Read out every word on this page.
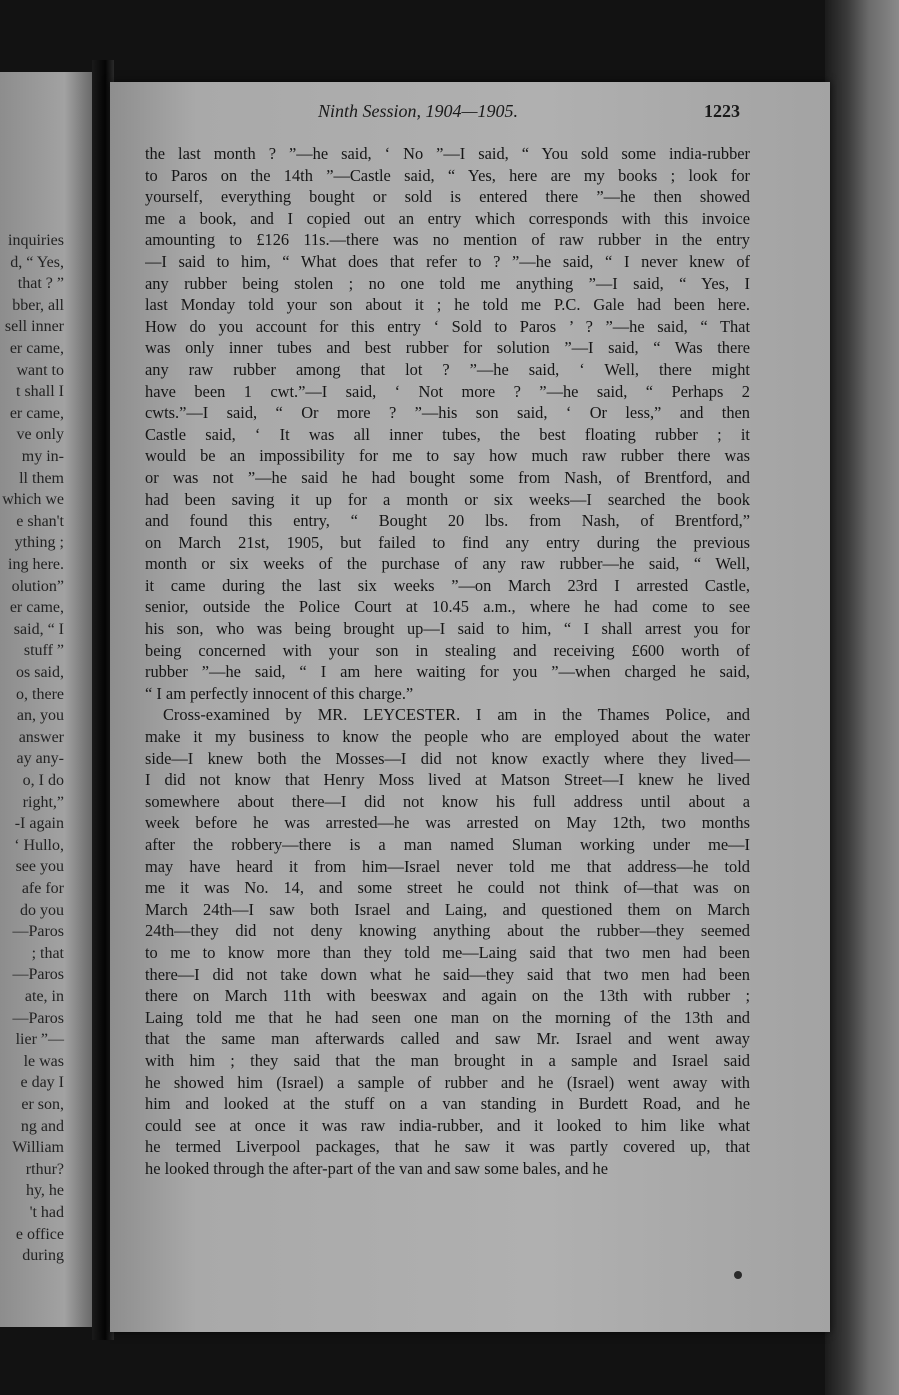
inquiries
d, “ Yes,
that ? ”
bber, all
sell inner
er came,
want to
t shall I
er came,
ve only
my in-
ll them
which we
e shan't
ything ;
ing here.
olution”
er came,
said, “ I
stuff ”
os said,
o, there
an, you
answer
ay any-
o, I do
right,”
-I again
‘ Hullo,
see you
afe for
do you
—Paros
; that
—Paros
ate, in
—Paros
lier ”—
le was
e day I
er son,
ng and
William
rthur?
hy, he
't had
e office
during
Ninth Session, 1904—1905.	1223
the last month ? ”—he said, ‘ No ”—I said, “ You sold some india-rubber
to Paros on the 14th ”—Castle said, “ Yes, here are my books ; look for
yourself, everything bought or sold is entered there ”—he then showed
me a book, and I copied out an entry which corresponds with this invoice
amounting to £126 11s.—there was no mention of raw rubber in the entry
—I said to him, “ What does that refer to ? ”—he said, “ I never knew of
any rubber being stolen ; no one told me anything ”—I said, “ Yes, I
last Monday told your son about it ; he told me P.C. Gale had been here.
How do you account for this entry ‘ Sold to Paros ’ ? ”—he said, “ That
was only inner tubes and best rubber for solution ”—I said, “ Was there
any raw rubber among that lot ? ”—he said, ‘ Well, there might
have been 1 cwt.”—I said, ‘ Not more ? ”—he said, “ Perhaps 2
cwts.”—I said, “ Or more ? ”—his son said, ‘ Or less,” and then
Castle said, ‘ It was all inner tubes, the best floating rubber ; it
would be an impossibility for me to say how much raw rubber there was
or was not ”—he said he had bought some from Nash, of Brentford, and
had been saving it up for a month or six weeks—I searched the book
and found this entry, “ Bought 20 lbs. from Nash, of Brentford,”
on March 21st, 1905, but failed to find any entry during the previous
month or six weeks of the purchase of any raw rubber—he said, “ Well,
it came during the last six weeks ”—on March 23rd I arrested Castle,
senior, outside the Police Court at 10.45 a.m., where he had come to see
his son, who was being brought up—I said to him, “ I shall arrest you for
being concerned with your son in stealing and receiving £600 worth of
rubber ”—he said, “ I am here waiting for you ”—when charged he said,
“ I am perfectly innocent of this charge.”
Cross-examined by MR. LEYCESTER. I am in the Thames Police, and
make it my business to know the people who are employed about the water
side—I knew both the Mosses—I did not know exactly where they lived—
I did not know that Henry Moss lived at Matson Street—I knew he lived
somewhere about there—I did not know his full address until about a
week before he was arrested—he was arrested on May 12th, two months
after the robbery—there is a man named Sluman working under me—I
may have heard it from him—Israel never told me that address—he told
me it was No. 14, and some street he could not think of—that was on
March 24th—I saw both Israel and Laing, and questioned them on March
24th—they did not deny knowing anything about the rubber—they seemed
to me to know more than they told me—Laing said that two men had been
there—I did not take down what he said—they said that two men had been
there on March 11th with beeswax and again on the 13th with rubber ;
Laing told me that he had seen one man on the morning of the 13th and
that the same man afterwards called and saw Mr. Israel and went away
with him ; they said that the man brought in a sample and Israel said
he showed him (Israel) a sample of rubber and he (Israel) went away with
him and looked at the stuff on a van standing in Burdett Road, and he
could see at once it was raw india-rubber, and it looked to him like what
he termed Liverpool packages, that he saw it was partly covered up, that
he looked through the after-part of the van and saw some bales, and he
